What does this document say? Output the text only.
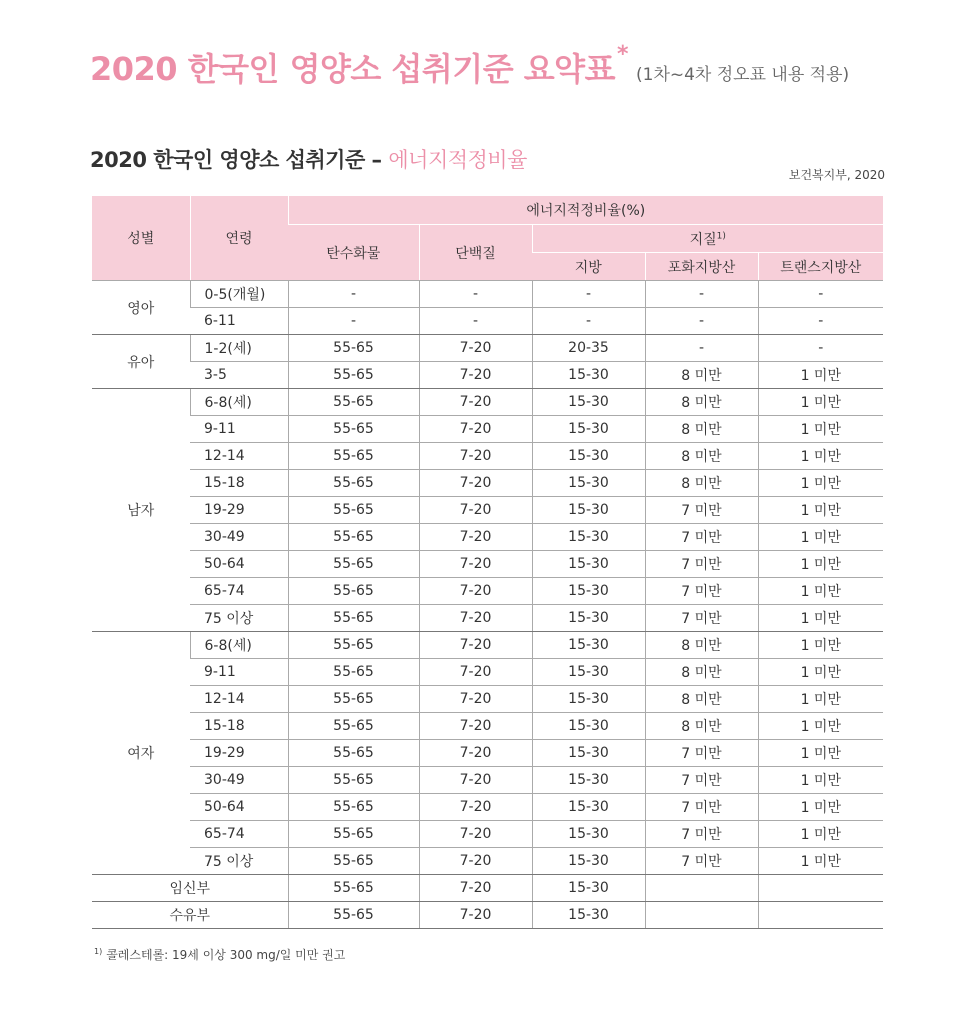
2020 한국인 영양소 섭취기준 요약표*(1차~4차 정오표 내용 적용)
2020 한국인 영양소 섭취기준 – 에너지적정비율
보건복지부, 2020
성별	연령	에너지적정비율(%)				
		탄수화물	단백질	지질$^{1)}$
				지방	포화지방산	트랜스지방산
영아	0-5(개월)	-	-	-	-	-
	6-11	-	-	-	-	-
유아	1-2(세)	55-65	7-20	20-35	-	-
	3-5	55-65	7-20	15-30	8 미만	1 미만
남자	6-8(세)	55-65	7-20	15-30	8 미만	1 미만
	9-11	55-65	7-20	15-30	8 미만	1 미만
	12-14	55-65	7-20	15-30	8 미만	1 미만
	15-18	55-65	7-20	15-30	8 미만	1 미만
	19-29	55-65	7-20	15-30	7 미만	1 미만
	30-49	55-65	7-20	15-30	7 미만	1 미만
	50-64	55-65	7-20	15-30	7 미만	1 미만
	65-74	55-65	7-20	15-30	7 미만	1 미만
	75 이상	55-65	7-20	15-30	7 미만	1 미만
여자	6-8(세)	55-65	7-20	15-30	8 미만	1 미만
	9-11	55-65	7-20	15-30	8 미만	1 미만
	12-14	55-65	7-20	15-30	8 미만	1 미만
	15-18	55-65	7-20	15-30	8 미만	1 미만
	19-29	55-65	7-20	15-30	7 미만	1 미만
	30-49	55-65	7-20	15-30	7 미만	1 미만
	50-64	55-65	7-20	15-30	7 미만	1 미만
	65-74	55-65	7-20	15-30	7 미만	1 미만
	75 이상	55-65	7-20	15-30	7 미만	1 미만
임신부		55-65	7-20	15-30		
수유부		55-65	7-20	15-30		
$^{1)}$ 콜레스테롤: 19세 이상 300 mg/일 미만 권고
